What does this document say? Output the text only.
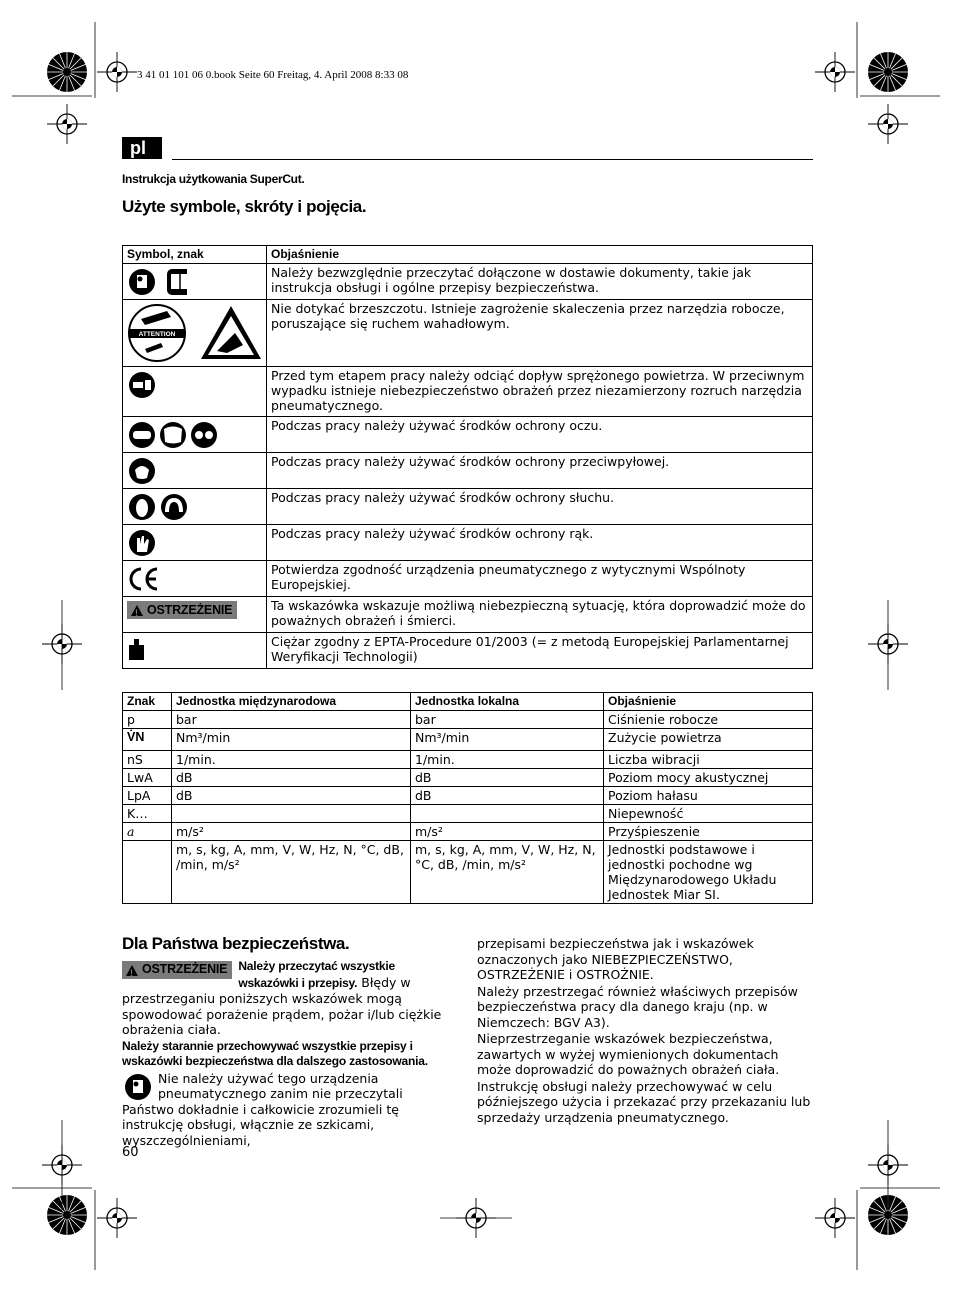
3 41 01 101 06 0.book Seite 60 Freitag, 4. April 2008 8:33 08
pl
Instrukcja użytkowania SuperCut.
Użyte symbole, skróty i pojęcia.
Symbol, znak	Objaśnienie
	Należy bezwzględnie przeczytać dołączone w dostawie dokumenty, takie jak instrukcja obsługi i ogólne przepisy bezpieczeństwa.

ATTENTION	Nie dotykać brzeszczotu. Istnieje zagrożenie skaleczenia przez narzędzia robocze, poruszające się ruchem wahadłowym.
	Przed tym etapem pracy należy odciąć dopływ sprężonego powietrza. W przeciwnym wypadku istnieje niebezpieczeństwo obrażeń przez niezamierzony rozruch narzędzia pneumatycznego.
	Podczas pracy należy używać środków ochrony oczu.
	Podczas pracy należy używać środków ochrony przeciwpyłowej.
	Podczas pracy należy używać środków ochrony słuchu.
	Podczas pracy należy używać środków ochrony rąk.
	Potwierdza zgodność urządzenia pneumatycznego z wytycznymi Wspólnoty Europejskiej.

!
OSTRZEŻENIE	Ta wskazówka wskazuje możliwą niebezpieczną sytuację, która doprowadzić może do poważnych obrażeń i śmierci.
	Ciężar zgodny z EPTA-Procedure 01/2003 (= z metodą Europejskiej Parlamentarnej Weryfikacji Technologii)
Znak	Jednostka międzynarodowa	Jednostka lokalna	Objaśnienie
p	bar	bar	Ciśnienie robocze
V̇N	Nm³/min	Nm³/min	Zużycie powietrza
nS	1/min.	1/min.	Liczba wibracji
LwA	dB	dB	Poziom mocy akustycznej
LpA	dB	dB	Poziom hałasu
K…			Niepewność
a	m/s²	m/s²	Przyśpieszenie
	m, s, kg, A, mm, V, W, Hz, N, °C, dB, /min, m/s²	m, s, kg, A, mm, V, W, Hz, N, °C, dB, /min, m/s²	Jednostki podstawowe i jednostki pochodne wg Międzynarodowego Układu Jednostek Miar SI.
Dla Państwa bezpieczeństwa.
!
OSTRZEŻENIE Należy przeczytać wszystkie wskazówki i przepisy. Błędy w przestrzeganiu poniższych wskazówek mogą spowodować porażenie prądem, pożar i/lub ciężkie obrażenia ciała.

Należy starannie przechowywać wszystkie przepisy i wskazówki bezpieczeństwa dla dalszego zastosowania.

Nie należy używać tego urządzenia pneumatycznego zanim nie przeczytali Państwo dokładnie i całkowicie zrozumieli tę instrukcję obsługi, włącznie ze szkicami, wyszczególnieniami,

przepisami bezpieczeństwa jak i wskazówek oznaczonych jako NIEBEZPIECZEŃSTWO, OSTRZEŻENIE i OSTROŻNIE.

Należy przestrzegać również właściwych przepisów bezpieczeństwa pracy dla danego kraju (np. w Niemczech: BGV A3).

Nieprzestrzeganie wskazówek bezpieczeństwa, zawartych w wyżej wymienionych dokumentach może doprowadzić do poważnych obrażeń ciała.

Instrukcję obsługi należy przechowywać w celu późniejszego użycia i przekazać przy przekazaniu lub sprzedaży urządzenia pneumatycznego.

60
